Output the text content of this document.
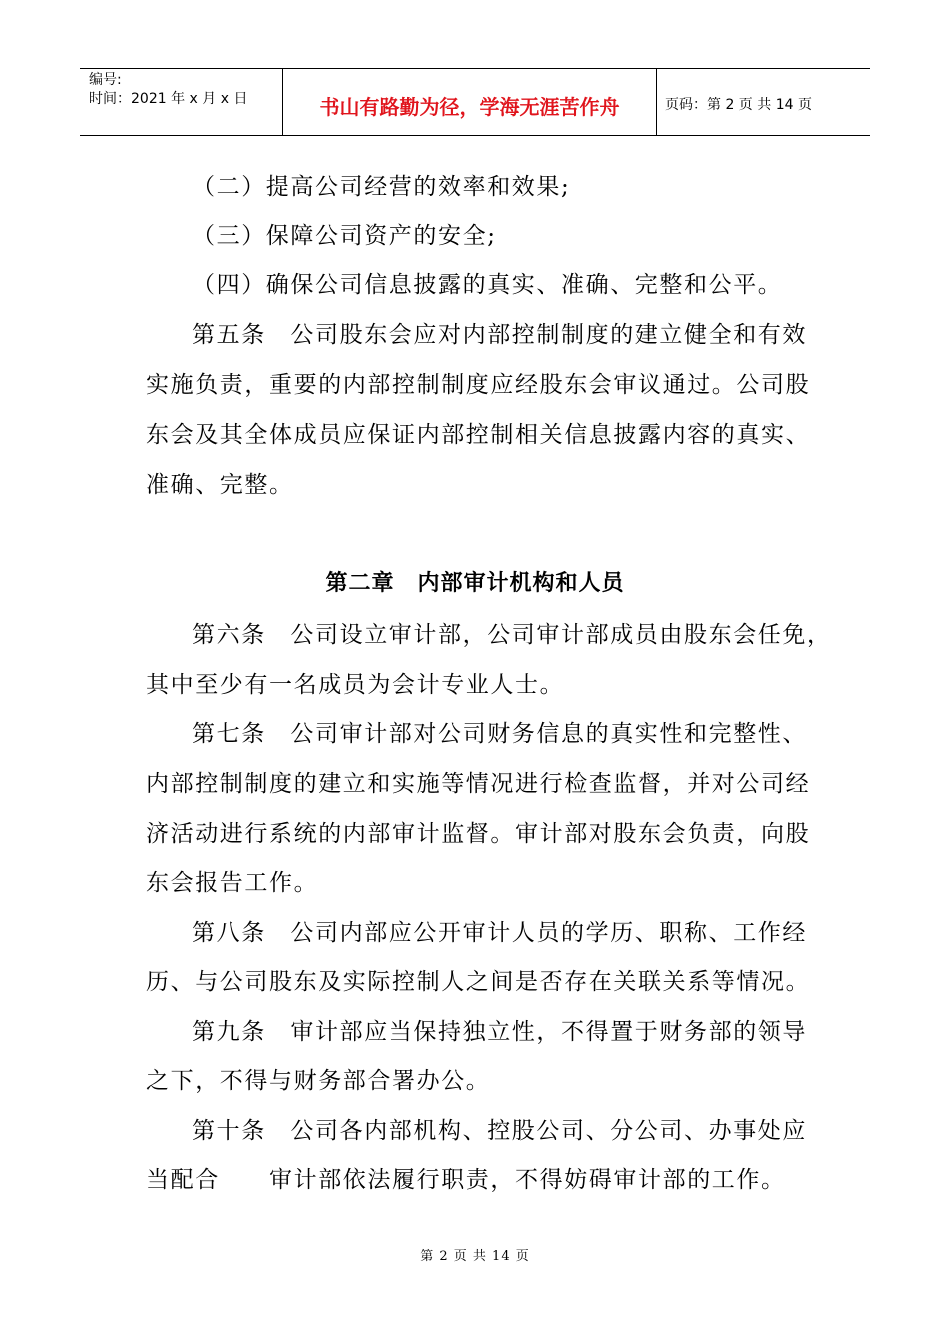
编号:
时间：2021 年 x 月 x 日	书山有路勤为径，学海无涯苦作舟	页码：第 2 页 共 14 页
（二）提高公司经营的效率和效果;
（三）保障公司资产的安全;
（四）确保公司信息披露的真实、准确、完整和公平。
第五条　公司股东会应对内部控制制度的建立健全和有效
实施负责，重要的内部控制制度应经股东会审议通过。公司股
东会及其全体成员应保证内部控制相关信息披露内容的真实、
准确、完整。
第二章　内部审计机构和人员
第六条　公司设立审计部，公司审计部成员由股东会任免，
其中至少有一名成员为会计专业人士。
第七条　公司审计部对公司财务信息的真实性和完整性、
内部控制制度的建立和实施等情况进行检查监督，并对公司经
济活动进行系统的内部审计监督。审计部对股东会负责，向股
东会报告工作。
第八条　公司内部应公开审计人员的学历、职称、工作经
历、与公司股东及实际控制人之间是否存在关联关系等情况。
第九条　审计部应当保持独立性，不得置于财务部的领导
之下，不得与财务部合署办公。
第十条　公司各内部机构、控股公司、分公司、办事处应
当配合　　审计部依法履行职责，不得妨碍审计部的工作。
第 2 页 共 14 页
